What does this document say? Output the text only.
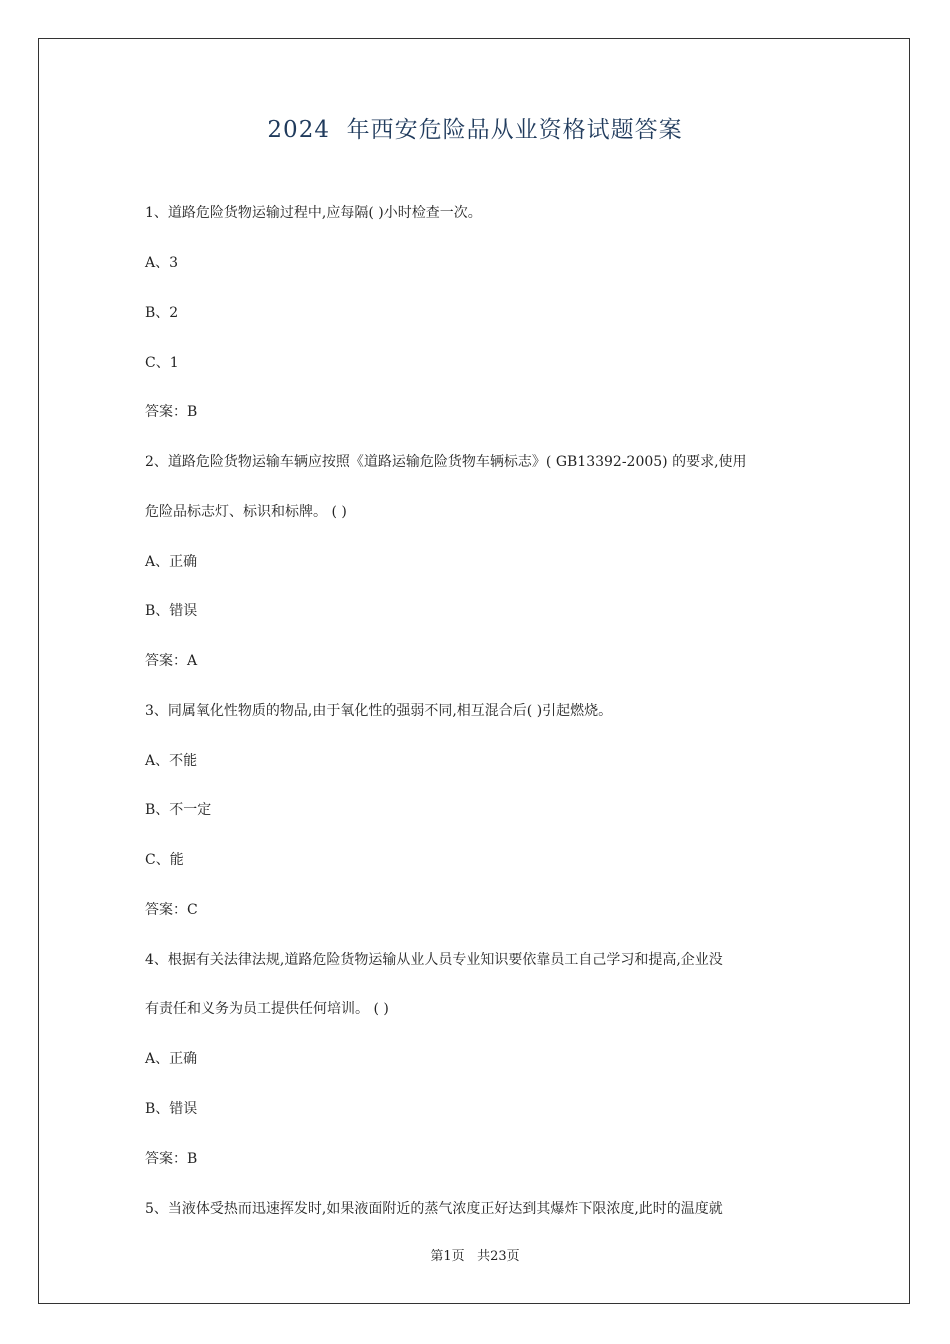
2024  年西安危险品从业资格试题答案
1、道路危险货物运输过程中,应每隔( )小时检查一次。
A、3
B、2
C、1
答案：B
2、道路危险货物运输车辆应按照《道路运输危险货物车辆标志》( GB13392-2005) 的要求,使用
危险品标志灯、标识和标牌。 ( )
A、正确
B、错误
答案：A
3、同属氧化性物质的物品,由于氧化性的强弱不同,相互混合后( )引起燃烧。
A、不能
B、不一定
C、能
答案：C
4、根据有关法律法规,道路危险货物运输从业人员专业知识要依靠员工自己学习和提高,企业没
有责任和义务为员工提供任何培训。 ( )
A、正确
B、错误
答案：B
5、当液体受热而迅速挥发时,如果液面附近的蒸气浓度正好达到其爆炸下限浓度,此时的温度就
第1页 共23页
